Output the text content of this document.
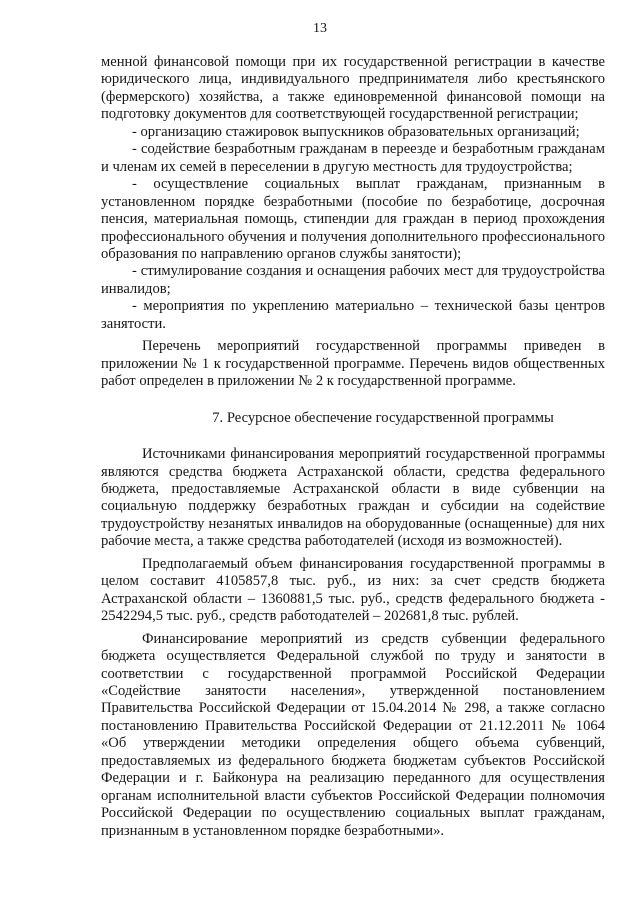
13

менной финансовой помощи при их государственной регистрации в качестве юридического лица, индивидуального предпринимателя либо крестьянского (фермерского) хозяйства, а также единовременной финансовой помощи на подготовку документов для соответствующей государственной регистрации;

- организацию стажировок выпускников образовательных организаций;

- содействие безработным гражданам в переезде и безработным гражданам и членам их семей в переселении в другую местность для трудоустройства;

- осуществление социальных выплат гражданам, признанным в установленном порядке безработными (пособие по безработице, досрочная пенсия, материальная помощь, стипендии для граждан в период прохождения профессионального обучения и получения дополнительного профессионального образования по направлению органов службы занятости);

- стимулирование создания и оснащения рабочих мест для трудоустройства инвалидов;

- мероприятия по укреплению материально – технической базы центров занятости.

Перечень мероприятий государственной программы приведен в приложении № 1 к государственной программе. Перечень видов общественных работ определен в приложении № 2 к государственной программе.

7. Ресурсное обеспечение государственной программы

Источниками финансирования мероприятий государственной программы являются средства бюджета Астраханской области, средства федерального бюджета, предоставляемые Астраханской области в виде субвенции на социальную поддержку безработных граждан и субсидии на содействие трудоустройству незанятых инвалидов на оборудованные (оснащенные) для них рабочие места, а также средства работодателей (исходя из возможностей).

Предполагаемый объем финансирования государственной программы в целом составит 4105857,8 тыс. руб., из них: за счет средств бюджета Астраханской области – 1360881,5 тыс. руб., средств федерального бюджета - 2542294,5 тыс. руб., средств работодателей – 202681,8 тыс. рублей.

Финансирование мероприятий из средств субвенции федерального бюджета осуществляется Федеральной службой по труду и занятости в соответствии с государственной программой Российской Федерации «Содействие занятости населения», утвержденной постановлением Правительства Российской Федерации от 15.04.2014 № 298, а также согласно постановлению Правительства Российской Федерации от 21.12.2011 № 1064 «Об утверждении методики определения общего объема субвенций, предоставляемых из федерального бюджета бюджетам субъектов Российской Федерации и г. Байконура на реализацию переданного для осуществления органам исполнительной власти субъектов Российской Федерации полномочия Российской Федерации по осуществлению социальных выплат гражданам, признанным в установленном порядке безработными».
